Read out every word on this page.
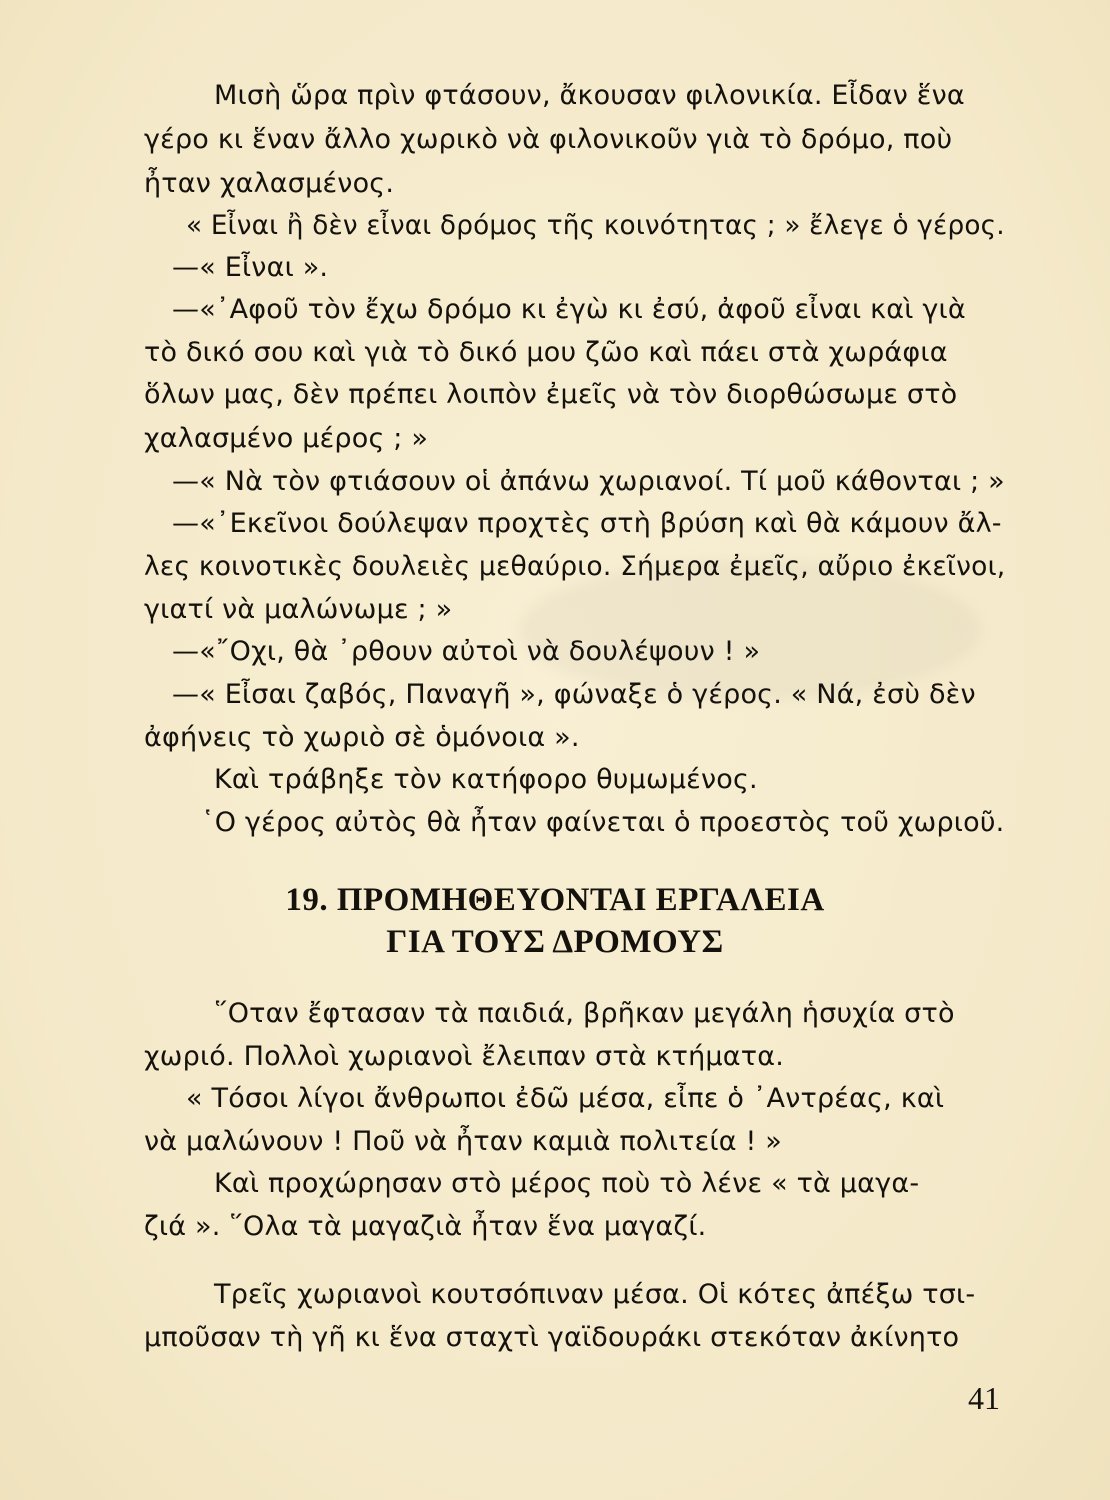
Μισὴ ὥρα πρὶν φτάσουν, ἄκουσαν φιλονικία. Εἶδαν ἕνα
γέρο κι ἕναν ἄλλο χωρικὸ νὰ φιλονικοῦν γιὰ τὸ δρόμο, ποὺ
ἦταν χαλασμένος.
« Εἶναι ἢ δὲν εἶναι δρόμος τῆς κοινότητας ; » ἔλεγε ὁ γέρος.
—« Εἶναι ».
—«᾿Αφοῦ τὸν ἔχω δρόμο κι ἐγὼ κι ἐσύ, ἀφοῦ εἶναι καὶ γιὰ
τὸ δικό σου καὶ γιὰ τὸ δικό μου ζῶο καὶ πάει στὰ χωράφια
ὅλων μας, δὲν πρέπει λοιπὸν ἐμεῖς νὰ τὸν διορθώσωμε στὸ
χαλασμένο μέρος ; »
—« Νὰ τὸν φτιάσουν οἱ ἀπάνω χωριανοί. Τί μοῦ κάθονται ; »
—«᾿Εκεῖνοι δούλεψαν προχτὲς στὴ βρύση καὶ θὰ κάμουν ἄλ-
λες κοινοτικὲς δουλειὲς μεθαύριο. Σήμερα ἐμεῖς, αὔριο ἐκεῖνοι,
γιατί νὰ μαλώνωμε ; »
—«῎Οχι, θὰ ᾿ρθουν αὐτοὶ νὰ δουλέψουν ! »
—« Εἶσαι ζαβός, Παναγῆ », φώναξε ὁ γέρος. « Νά, ἐσὺ δὲν
ἀφήνεις τὸ χωριὸ σὲ ὁμόνοια ».
Καὶ τράβηξε τὸν κατήφορο θυμωμένος.
῾Ο γέρος αὐτὸς θὰ ἦταν φαίνεται ὁ προεστὸς τοῦ χωριοῦ.
19. ΠΡΟΜΗΘΕΥΟΝΤΑΙ ΕΡΓΑΛΕΙΑ
ΓΙΑ ΤΟΥΣ ΔΡΟΜΟΥΣ
῞Οταν ἔφτασαν τὰ παιδιά, βρῆκαν μεγάλη ἡσυχία στὸ
χωριό. Πολλοὶ χωριανοὶ ἔλειπαν στὰ κτήματα.
« Τόσοι λίγοι ἄνθρωποι ἐδῶ μέσα, εἶπε ὁ ᾿Αντρέας, καὶ
νὰ μαλώνουν ! Ποῦ νὰ ἦταν καμιὰ πολιτεία ! »
Καὶ προχώρησαν στὸ μέρος ποὺ τὸ λένε « τὰ μαγα-
ζιά ». ῞Ολα τὰ μαγαζιὰ ἦταν ἕνα μαγαζί.
Τρεῖς χωριανοὶ κουτσόπιναν μέσα. Οἱ κότες ἀπέξω τσι-
μποῦσαν τὴ γῆ κι ἕνα σταχτὶ γαϊδουράκι στεκόταν ἀκίνητο
41
